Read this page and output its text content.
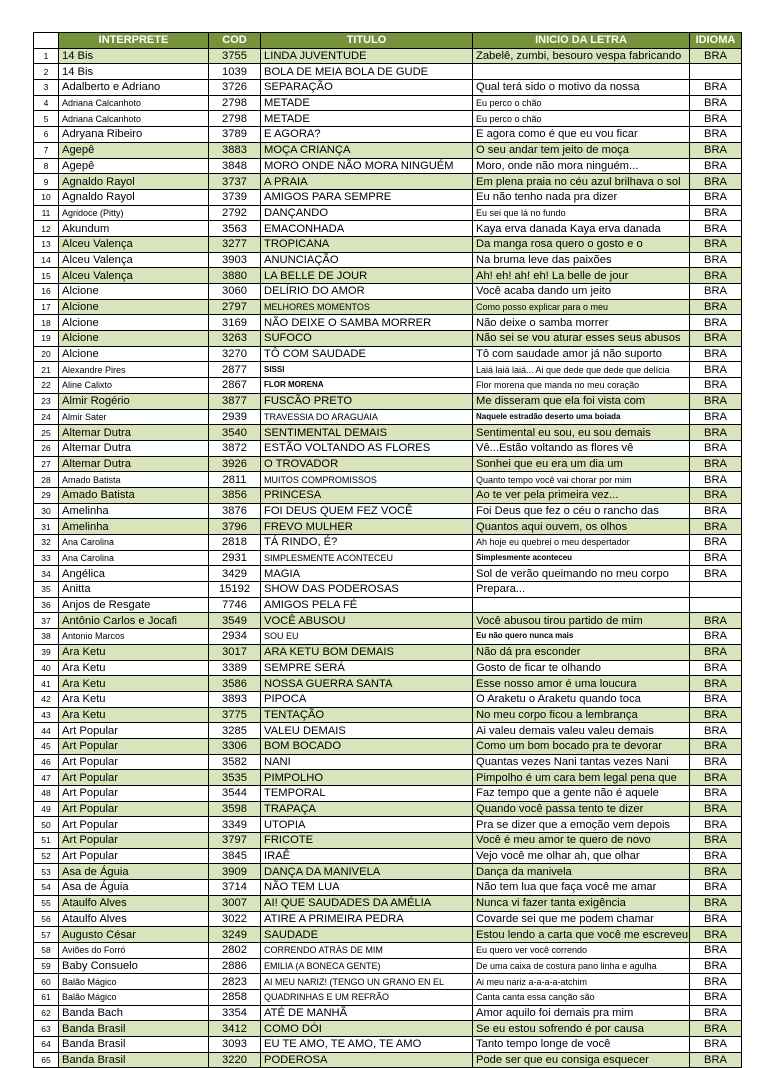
	INTERPRETE	COD	TITULO	INICIO DA LETRA	IDIOMA
1	14 Bis	3755	LINDA JUVENTUDE	Zabelê, zumbi, besouro vespa fabricando	BRA
2	14 Bis	1039	BOLA DE MEIA BOLA DE GUDE		
3	Adalberto e Adriano	3726	SEPARAÇÃO	Qual terá sido o motivo da nossa	BRA
4	Adriana Calcanhoto	2798	METADE	Eu perco o chão	BRA
5	Adriana Calcanhoto	2798	METADE	Eu perco o chão	BRA
6	Adryana Ribeiro	3789	E AGORA?	E agora como é que eu vou ficar	BRA
7	Agepê	3883	MOÇA CRIANÇA	O seu andar tem jeito de moça	BRA
8	Agepê	3848	MORO ONDE NÃO MORA NINGUÉM	Moro, onde não mora ninguém...	BRA
9	Agnaldo Rayol	3737	A PRAIA	Em plena praia no céu azul brilhava o sol	BRA
10	Agnaldo Rayol	3739	AMIGOS PARA SEMPRE	Eu não tenho nada pra dizer	BRA
11	Agridoce (Pitty)	2792	DANÇANDO	Eu sei que lá no fundo	BRA
12	Akundum	3563	EMACONHADA	Kaya erva danada Kaya erva danada	BRA
13	Alceu Valença	3277	TROPICANA	Da manga rosa quero o gosto e o	BRA
14	Alceu Valença	3903	ANUNCIAÇÃO	Na bruma leve das paixões	BRA
15	Alceu Valença	3880	LA BELLE DE JOUR	Ah! eh! ah! eh! La belle de jour	BRA
16	Alcione	3060	DELÍRIO DO AMOR	Você acaba dando um jeito	BRA
17	Alcione	2797	MELHORES MOMENTOS	Como posso explicar para o meu	BRA
18	Alcione	3169	NÃO DEIXE O SAMBA MORRER	Não deixe o samba morrer	BRA
19	Alcione	3263	SUFOCO	Não sei se vou aturar esses seus abusos	BRA
20	Alcione	3270	TÔ COM SAUDADE	Tô com saudade amor já não suporto	BRA
21	Alexandre Pires	2877	SISSI	Laiá laiá laiá... Ai que dede que dede que delícia	BRA
22	Aline Calixto	2867	FLOR MORENA	Flor morena que manda no meu coração	BRA
23	Almir Rogério	3877	FUSCÃO PRETO	Me disseram que ela foi vista com	BRA
24	Almir Sater	2939	TRAVESSIA DO ARAGUAIA	Naquele estradão deserto uma boiada	BRA
25	Altemar Dutra	3540	SENTIMENTAL DEMAIS	Sentimental eu sou, eu sou demais	BRA
26	Altemar Dutra	3872	ESTÃO VOLTANDO AS FLORES	Vê...Estão voltando as flores vê	BRA
27	Altemar Dutra	3926	O TROVADOR	Sonhei que eu era um dia um	BRA
28	Amado Batista	2811	MUITOS COMPROMISSOS	Quanto tempo você vai chorar por mim	BRA
29	Amado Batista	3856	PRINCESA	Ao te ver pela primeira vez...	BRA
30	Amelinha	3876	FOI DEUS QUEM FEZ VOCÊ	Foi Deus que fez o céu o rancho das	BRA
31	Amelinha	3796	FREVO MULHER	Quantos aqui ouvem, os olhos	BRA
32	Ana Carolina	2818	TÁ RINDO, É?	Ah hoje eu quebrei o meu despertador	BRA
33	Ana Carolina	2931	SIMPLESMENTE ACONTECEU	Simplesmente aconteceu	BRA
34	Angélica	3429	MAGIA	Sol de verão queimando no meu corpo	BRA
35	Anitta	15192	SHOW DAS PODEROSAS	Prepara...	
36	Anjos de Resgate	7746	AMIGOS PELA FÉ		
37	Antônio Carlos e Jocafi	3549	VOCÊ ABUSOU	Você abusou tirou partido de mim	BRA
38	Antonio Marcos	2934	SOU EU	Eu não quero nunca mais	BRA
39	Ara Ketu	3017	ARA KETU BOM DEMAIS	Não dá pra esconder	BRA
40	Ara Ketu	3389	SEMPRE SERÁ	Gosto de ficar te olhando	BRA
41	Ara Ketu	3586	NOSSA GUERRA SANTA	Esse nosso amor é uma loucura	BRA
42	Ara Ketu	3893	PIPOCA	O Araketu o Araketu quando toca	BRA
43	Ara Ketu	3775	TENTAÇÃO	No meu corpo ficou a lembrança	BRA
44	Art Popular	3285	VALEU DEMAIS	Ai valeu demais valeu valeu demais	BRA
45	Art Popular	3306	BOM BOCADO	Como um bom bocado pra te devorar	BRA
46	Art Popular	3582	NANI	Quantas vezes Nani tantas vezes Nani	BRA
47	Art Popular	3535	PIMPOLHO	Pimpolho é um cara bem legal pena que	BRA
48	Art Popular	3544	TEMPORAL	Faz tempo que a gente não é aquele	BRA
49	Art Popular	3598	TRAPAÇA	Quando você passa tento te dizer	BRA
50	Art Popular	3349	UTOPIA	Pra se dizer que a emoção vem depois	BRA
51	Art Popular	3797	FRICOTE	Você é meu amor te quero de novo	BRA
52	Art Popular	3845	IRAÊ	Vejo você me olhar ah, que olhar	BRA
53	Asa de Águia	3909	DANÇA DA MANIVELA	Dança da manivela	BRA
54	Asa de Águia	3714	NÃO TEM LUA	Não tem lua que faça você me amar	BRA
55	Ataulfo Alves	3007	AI! QUE SAUDADES DA AMÉLIA	Nunca vi fazer tanta exigência	BRA
56	Ataulfo Alves	3022	ATIRE A PRIMEIRA PEDRA	Covarde sei que me podem chamar	BRA
57	Augusto César	3249	SAUDADE	Estou lendo a carta que você me escreveu	BRA
58	Aviões do Forró	2802	CORRENDO ATRÁS DE MIM	Eu quero ver você correndo	BRA
59	Baby Consuelo	2886	EMILIA (A BONECA GENTE)	De uma caixa de costura pano linha e agulha	BRA
60	Balão Mágico	2823	AI MEU NARIZ! (TENGO UN GRANO EN EL	Ai meu nariz a-a-a-a-atchim	BRA
61	Balão Mágico	2858	QUADRINHAS E UM REFRÃO	Canta canta essa canção são	BRA
62	Banda Bach	3354	ATÉ DE MANHÃ	Amor aquilo foi demais pra mim	BRA
63	Banda Brasil	3412	COMO DÓI	Se eu estou sofrendo é por causa	BRA
64	Banda Brasil	3093	EU TE AMO, TE AMO, TE AMO	Tanto tempo longe de você	BRA
65	Banda Brasil	3220	PODEROSA	Pode ser que eu consiga esquecer	BRA
